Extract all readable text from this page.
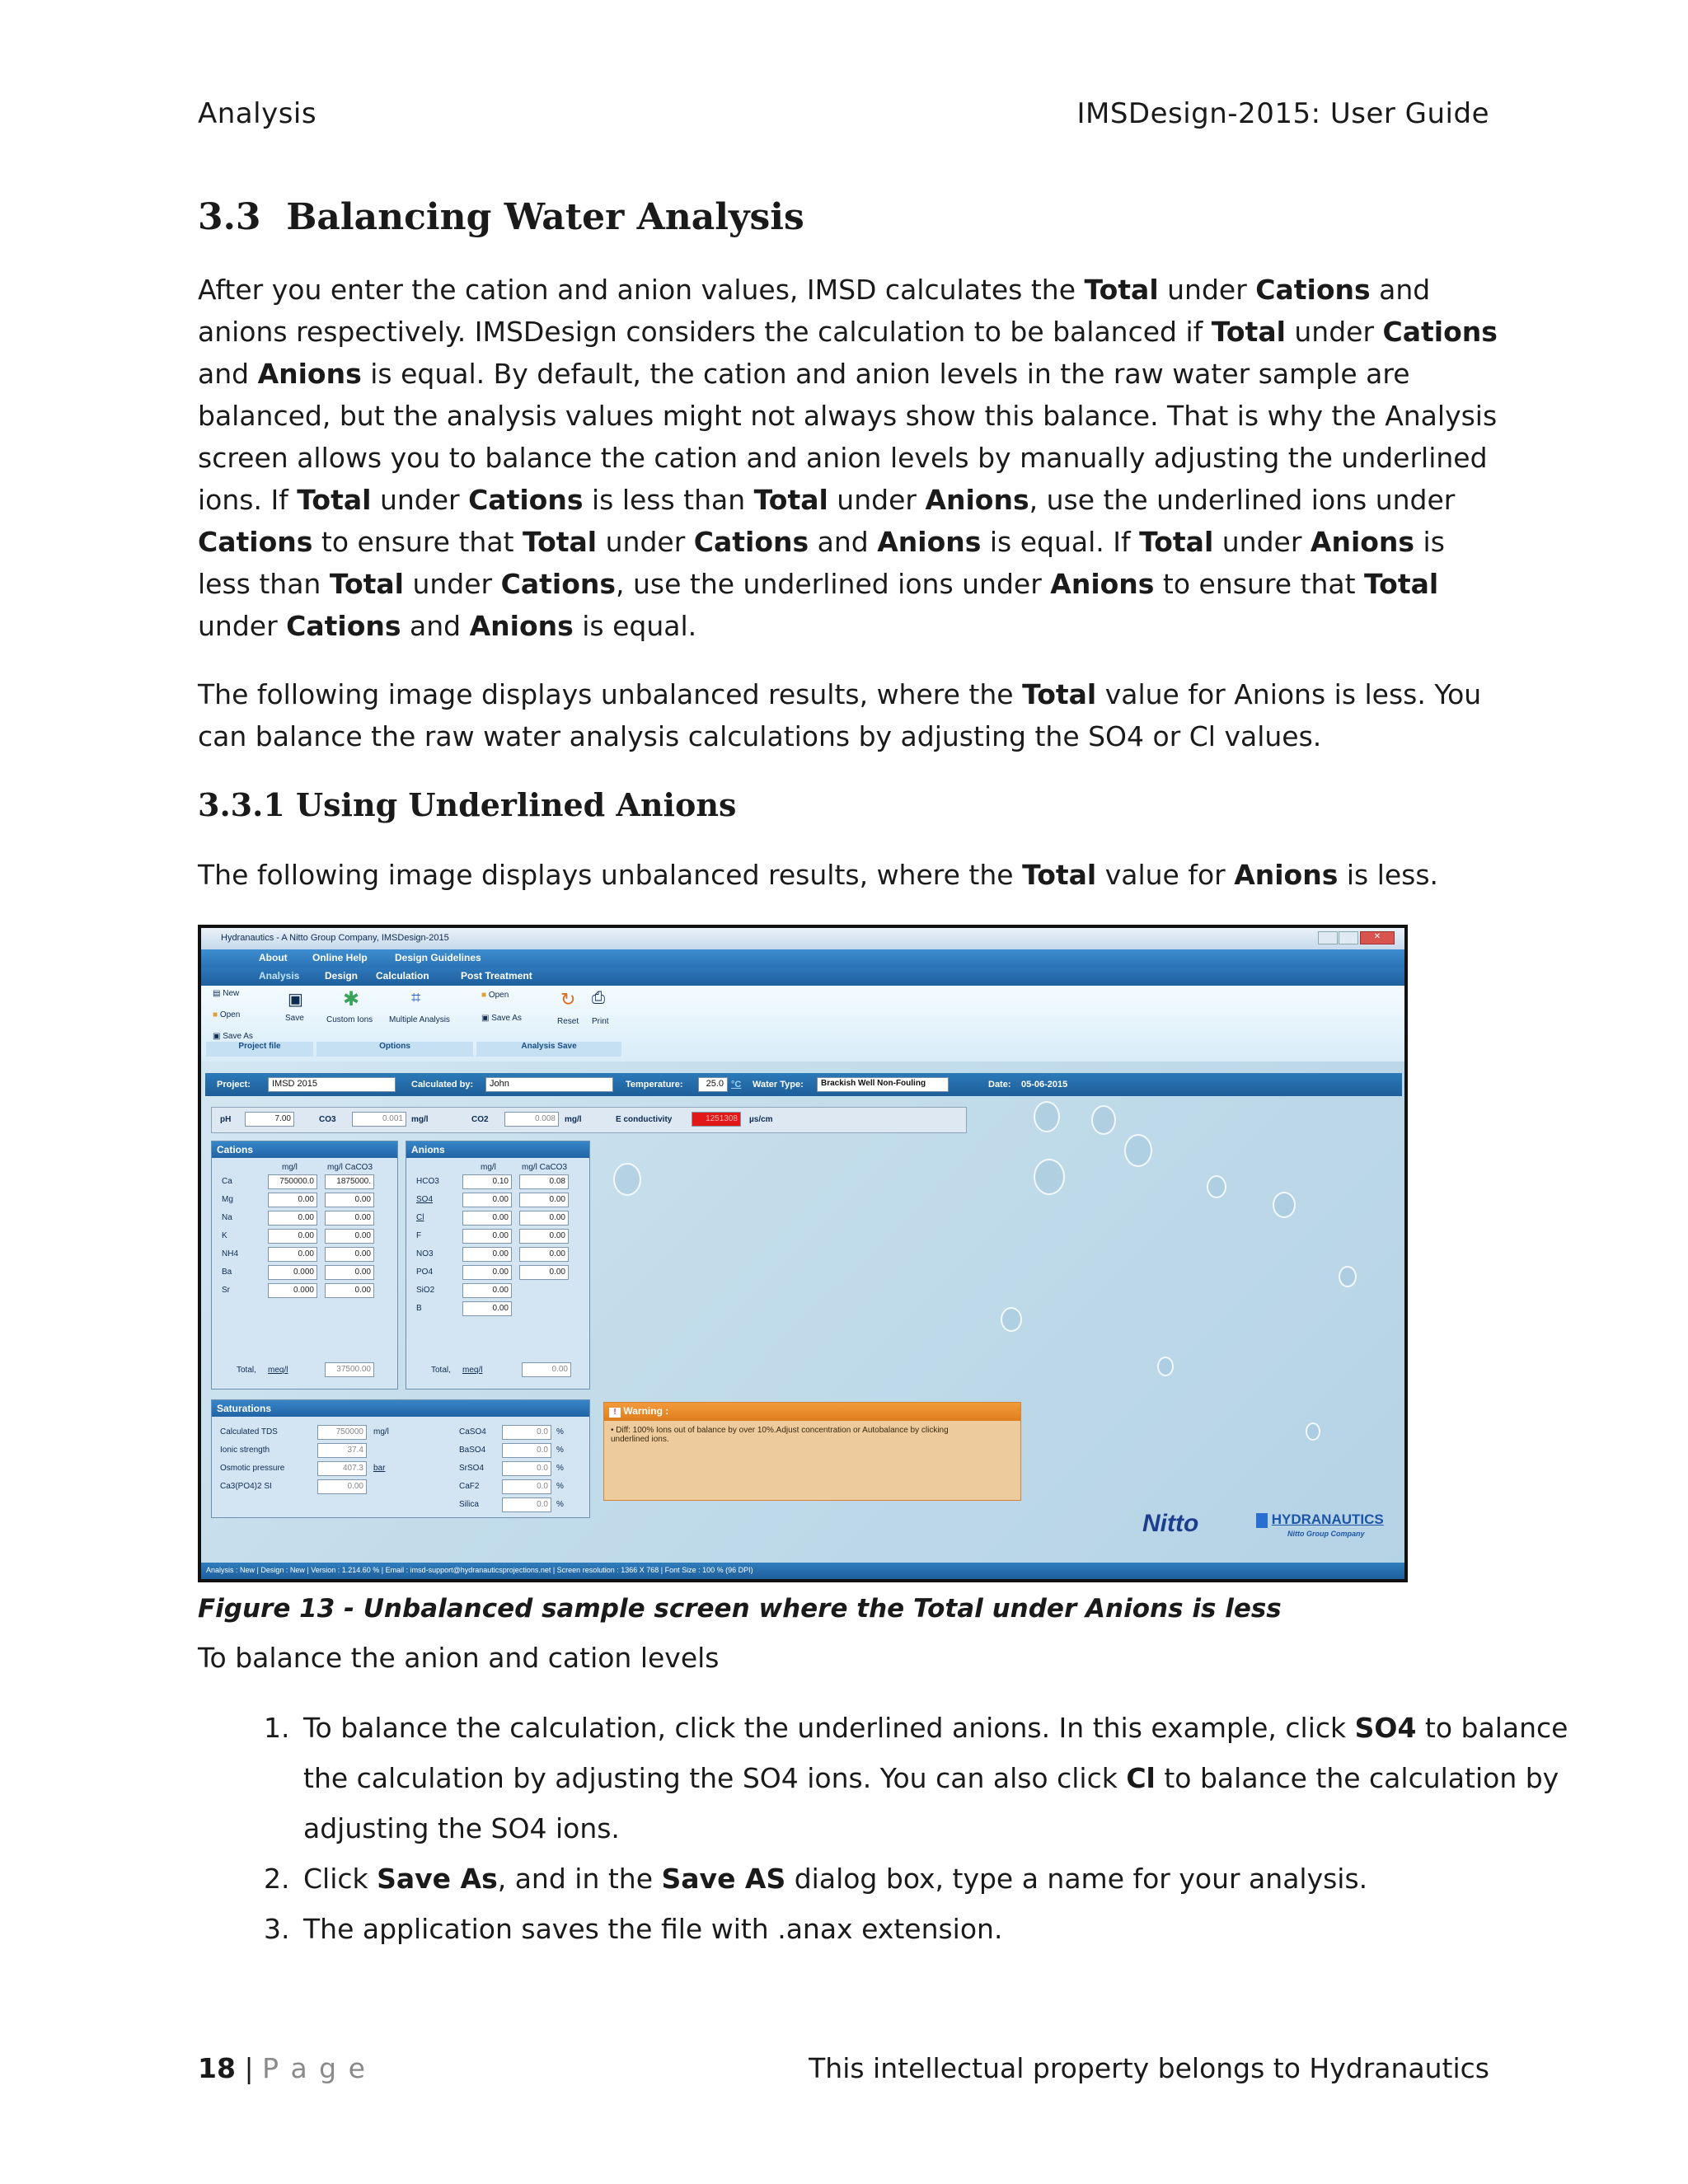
Analysis	IMSDesign-2015: User Guide
3.3 Balancing Water Analysis
After you enter the cation and anion values, IMSD calculates the Total under Cations and anions respectively. IMSDesign considers the calculation to be balanced if Total under Cations and Anions is equal. By default, the cation and anion levels in the raw water sample are balanced, but the analysis values might not always show this balance. That is why the Analysis screen allows you to balance the cation and anion levels by manually adjusting the underlined ions. If Total under Cations is less than Total under Anions, use the underlined ions under Cations to ensure that Total under Cations and Anions is equal. If Total under Anions is less than Total under Cations, use the underlined ions under Anions to ensure that Total under Cations and Anions is equal.
The following image displays unbalanced results, where the Total value for Anions is less. You can balance the raw water analysis calculations by adjusting the SO4 or Cl values.
3.3.1 Using Underlined Anions
The following image displays unbalanced results, where the Total value for Anions is less.
Hydranautics - A Nitto Group Company, IMSDesign-2015	✕
About	Online Help	Design Guidelines
Analysis	Design Calculation	Post Treatment
▤ New
■ Open
▣ Save As
▣
Save
✱
Custom Ions
⌗
Multiple Analysis
■ Open
▣ Save As
↻
Reset
⎙
Print
Project file	Options	Analysis Save
Project:	IMSD 2015	Calculated by:	John	Temperature:	25.0 °C Water Type:	Brackish Well Non-Fouling	Date: 05-06-2015
pH	7.00	CO3	0.001	mg/l	CO2	0.008	mg/l	E conductivity	1251308	µs/cm
Cations
mg/l	mg/l CaCO3
Ca	750000.0	1875000.
Mg	0.00	0.00
Na	0.00	0.00
K	0.00	0.00
NH4	0.00	0.00
Ba	0.000	0.00
Sr	0.000	0.00
Total, meq/l	37500.00
Anions
mg/l	mg/l CaCO3
HCO3	0.10	0.08
SO4	0.00	0.00
Cl	0.00	0.00
F	0.00	0.00
NO3	0.00	0.00
PO4	0.00	0.00
SiO2	0.00
B	0.00
Total, meq/l	0.00
Saturations
Calculated TDS	750000	mg/l
Ionic strength	37.4
Osmotic pressure	407.3	bar
Ca3(PO4)2 SI	0.00
CaSO4	0.0	%
BaSO4	0.0	%
SrSO4	0.0	%
CaF2	0.0	%
Silica	0.0	%
! Warning :
• Diff: 100% Ions out of balance by over 10%.Adjust concentration or Autobalance by clicking underlined ions.
Nitto	HYDRANAUTICS
Nitto Group Company
Analysis : New | Design : New | Version : 1.214.60 % | Email : imsd-support@hydranauticsprojections.net | Screen resolution : 1366 X 768 | Font Size : 100 % (96 DPI)
Figure 13 - Unbalanced sample screen where the Total under Anions is less
To balance the anion and cation levels
1. To balance the calculation, click the underlined anions. In this example, click SO4 to balance the calculation by adjusting the SO4 ions. You can also click Cl to balance the calculation by adjusting the SO4 ions.
2. Click Save As, and in the Save AS dialog box, type a name for your analysis.
3. The application saves the file with .anax extension.
18 | P a g e	This intellectual property belongs to Hydranautics
